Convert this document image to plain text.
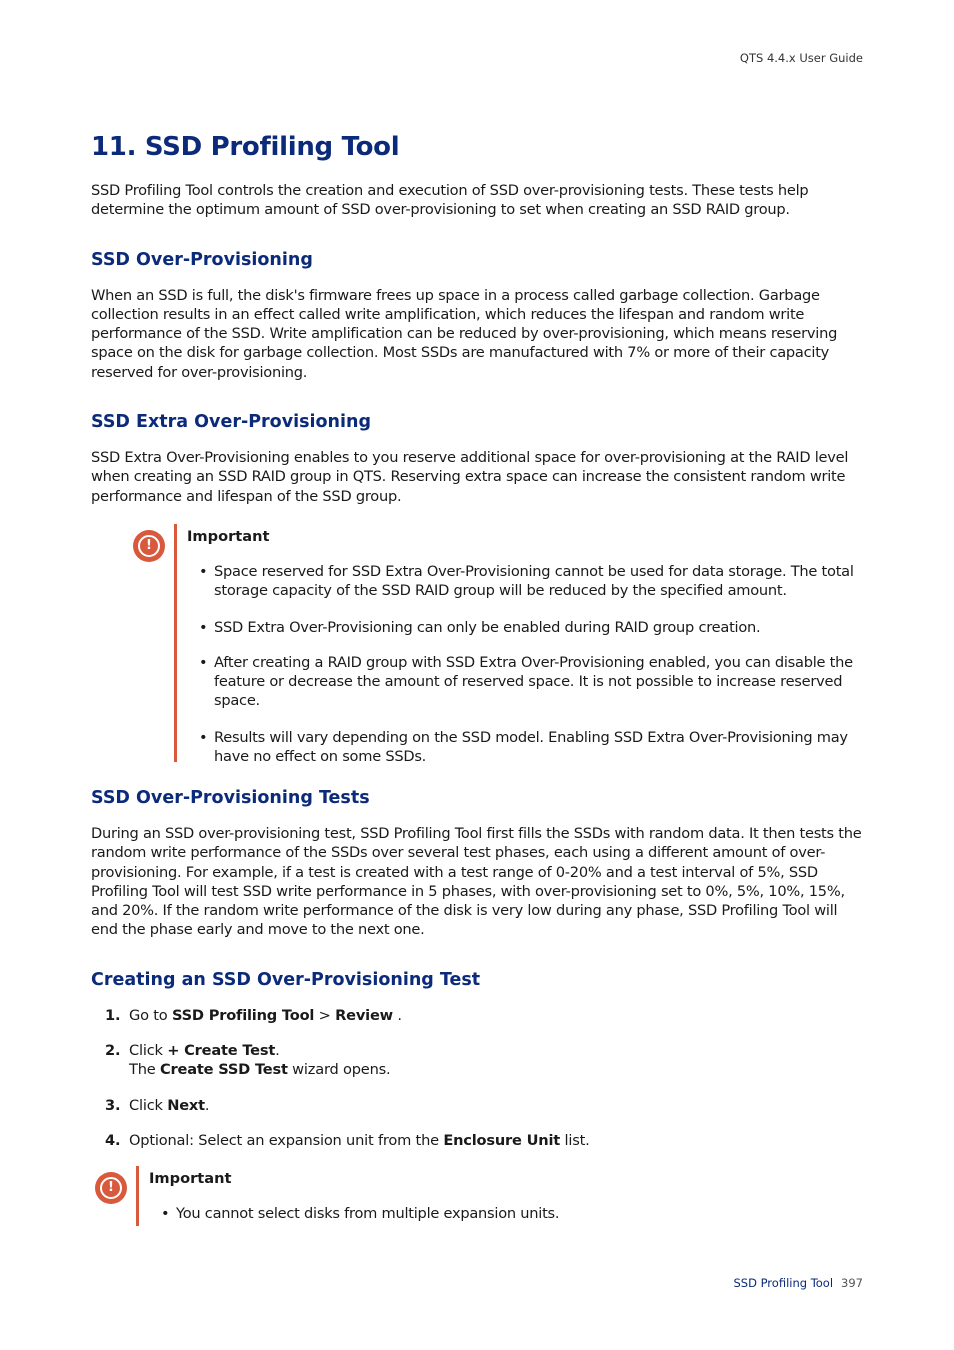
QTS 4.4.x User Guide
11. SSD Profiling Tool

SSD Profiling Tool controls the creation and execution of SSD over-provisioning tests. These tests help determine the optimum amount of SSD over-provisioning to set when creating an SSD RAID group.

SSD Over-Provisioning

When an SSD is full, the disk's firmware frees up space in a process called garbage collection. Garbage collection results in an effect called write amplification, which reduces the lifespan and random write performance of the SSD. Write amplification can be reduced by over-provisioning, which means reserving space on the disk for garbage collection. Most SSDs are manufactured with 7% or more of their capacity reserved for over-provisioning.

SSD Extra Over-Provisioning

SSD Extra Over-Provisioning enables to you reserve additional space for over-provisioning at the RAID level when creating an SSD RAID group in QTS. Reserving extra space can increase the consistent random write performance and lifespan of the SSD group.

!
Important
• Space reserved for SSD Extra Over-Provisioning cannot be used for data storage. The total storage capacity of the SSD RAID group will be reduced by the specified amount.
• SSD Extra Over-Provisioning can only be enabled during RAID group creation.
• After creating a RAID group with SSD Extra Over-Provisioning enabled, you can disable the feature or decrease the amount of reserved space. It is not possible to increase reserved space.
• Results will vary depending on the SSD model. Enabling SSD Extra Over-Provisioning may have no effect on some SSDs.
SSD Over-Provisioning Tests

During an SSD over-provisioning test, SSD Profiling Tool first fills the SSDs with random data. It then tests the random write performance of the SSDs over several test phases, each using a different amount of over-provisioning. For example, if a test is created with a test range of 0-20% and a test interval of 5%, SSD Profiling Tool will test SSD write performance in 5 phases, with over-provisioning set to 0%, 5%, 10%, 15%, and 20%. If the random write performance of the disk is very low during any phase, SSD Profiling Tool will end the phase early and move to the next one.

Creating an SSD Over-Provisioning Test
1. Go to SSD Profiling Tool > Review .
2. Click + Create Test.
The Create SSD Test wizard opens.
3. Click Next.
4. Optional: Select an expansion unit from the Enclosure Unit list.
!
Important
• You cannot select disks from multiple expansion units.
SSD Profiling Tool 397
